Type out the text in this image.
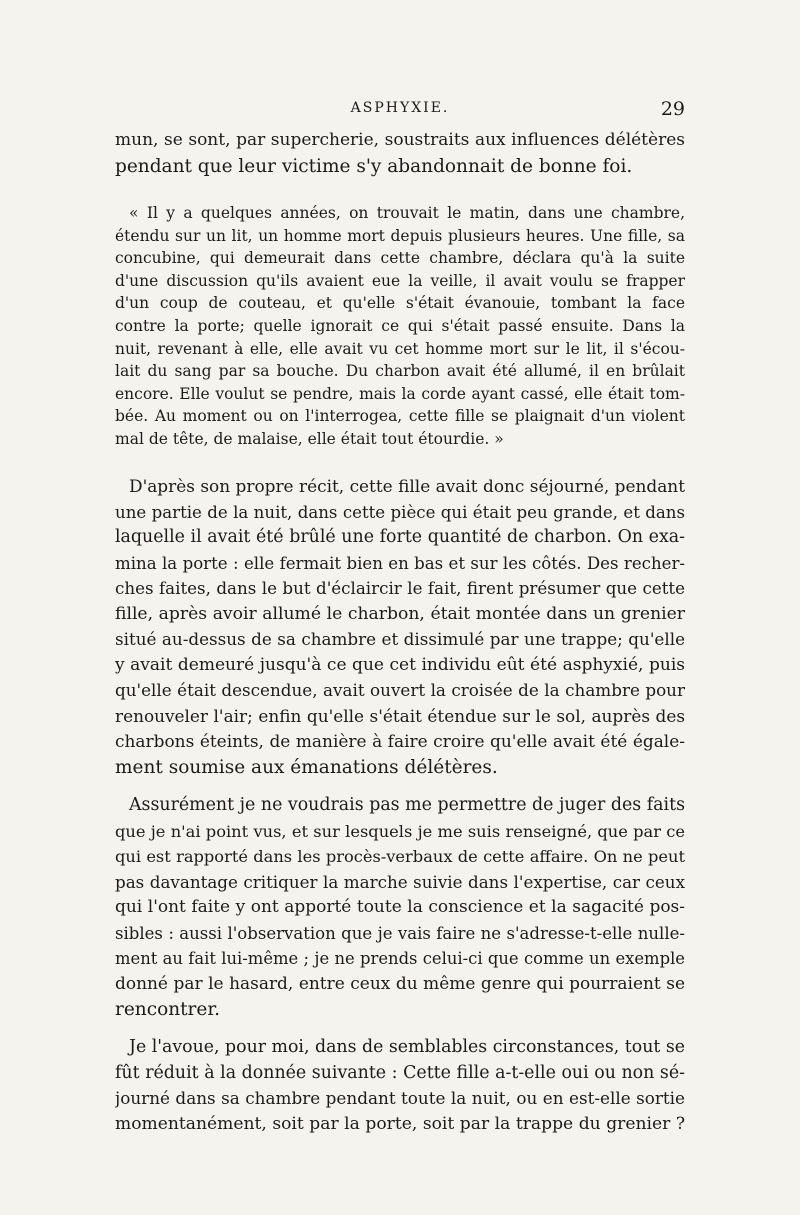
ASPHYXIE.	29

mun, se sont, par supercherie, soustraits aux influences délétères
pendant que leur victime s'y abandonnait de bonne foi.

« Il y a quelques années, on trouvait le matin, dans une chambre,
étendu sur un lit, un homme mort depuis plusieurs heures. Une fille, sa
concubine, qui demeurait dans cette chambre, déclara qu'à la suite
d'une discussion qu'ils avaient eue la veille, il avait voulu se frapper
d'un coup de couteau, et qu'elle s'était évanouie, tombant la face
contre la porte; quelle ignorait ce qui s'était passé ensuite. Dans la
nuit, revenant à elle, elle avait vu cet homme mort sur le lit, il s'écou-
lait du sang par sa bouche. Du charbon avait été allumé, il en brûlait
encore. Elle voulut se pendre, mais la corde ayant cassé, elle était tom-
bée. Au moment ou on l'interrogea, cette fille se plaignait d'un violent
mal de tête, de malaise, elle était tout étourdie. »

D'après son propre récit, cette fille avait donc séjourné, pendant
une partie de la nuit, dans cette pièce qui était peu grande, et dans
laquelle il avait été brûlé une forte quantité de charbon. On exa-
mina la porte : elle fermait bien en bas et sur les côtés. Des recher-
ches faites, dans le but d'éclaircir le fait, firent présumer que cette
fille, après avoir allumé le charbon, était montée dans un grenier
situé au-dessus de sa chambre et dissimulé par une trappe; qu'elle
y avait demeuré jusqu'à ce que cet individu eût été asphyxié, puis
qu'elle était descendue, avait ouvert la croisée de la chambre pour
renouveler l'air; enfin qu'elle s'était étendue sur le sol, auprès des
charbons éteints, de manière à faire croire qu'elle avait été égale-
ment soumise aux émanations délétères.

Assurément je ne voudrais pas me permettre de juger des faits
que je n'ai point vus, et sur lesquels je me suis renseigné, que par ce
qui est rapporté dans les procès-verbaux de cette affaire. On ne peut
pas davantage critiquer la marche suivie dans l'expertise, car ceux
qui l'ont faite y ont apporté toute la conscience et la sagacité pos-
sibles : aussi l'observation que je vais faire ne s'adresse-t-elle nulle-
ment au fait lui-même ; je ne prends celui-ci que comme un exemple
donné par le hasard, entre ceux du même genre qui pourraient se
rencontrer.

Je l'avoue, pour moi, dans de semblables circonstances, tout se
fût réduit à la donnée suivante : Cette fille a-t-elle oui ou non sé-
journé dans sa chambre pendant toute la nuit, ou en est-elle sortie
momentanément, soit par la porte, soit par la trappe du grenier ?
